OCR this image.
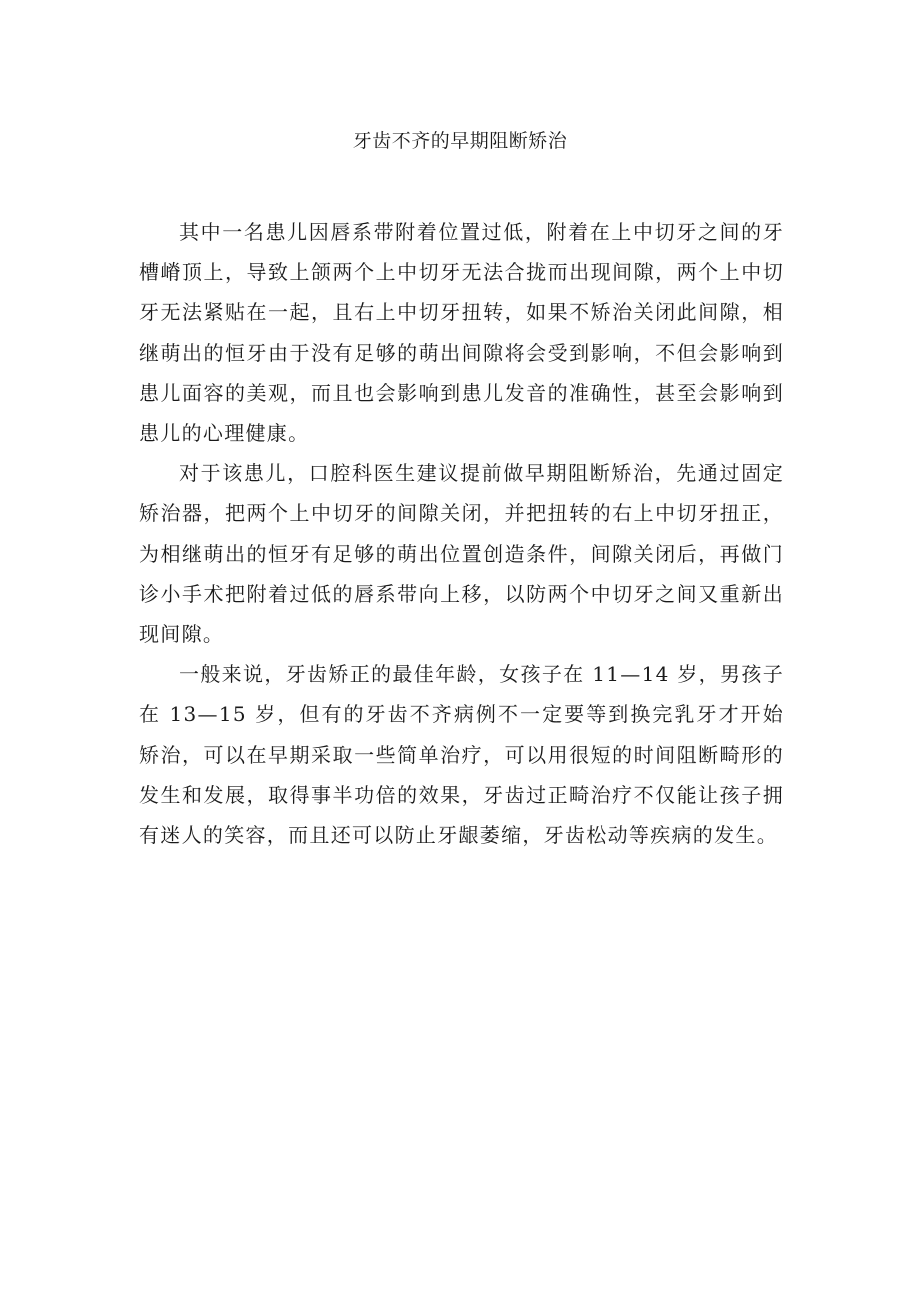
牙齿不齐的早期阻断矫治

其中一名患儿因唇系带附着位置过低，附着在上中切牙之间的牙槽嵴顶上，导致上颌两个上中切牙无法合拢而出现间隙，两个上中切牙无法紧贴在一起，且右上中切牙扭转，如果不矫治关闭此间隙，相继萌出的恒牙由于没有足够的萌出间隙将会受到影响，不但会影响到患儿面容的美观，而且也会影响到患儿发音的准确性，甚至会影响到患儿的心理健康。

对于该患儿，口腔科医生建议提前做早期阻断矫治，先通过固定矫治器，把两个上中切牙的间隙关闭，并把扭转的右上中切牙扭正，为相继萌出的恒牙有足够的萌出位置创造条件，间隙关闭后，再做门诊小手术把附着过低的唇系带向上移，以防两个中切牙之间又重新出现间隙。

一般来说，牙齿矫正的最佳年龄，女孩子在 11—14 岁，男孩子在 13—15 岁，但有的牙齿不齐病例不一定要等到换完乳牙才开始矫治，可以在早期采取一些简单治疗，可以用很短的时间阻断畸形的发生和发展，取得事半功倍的效果，牙齿过正畸治疗不仅能让孩子拥有迷人的笑容，而且还可以防止牙龈萎缩，牙齿松动等疾病的发生。
